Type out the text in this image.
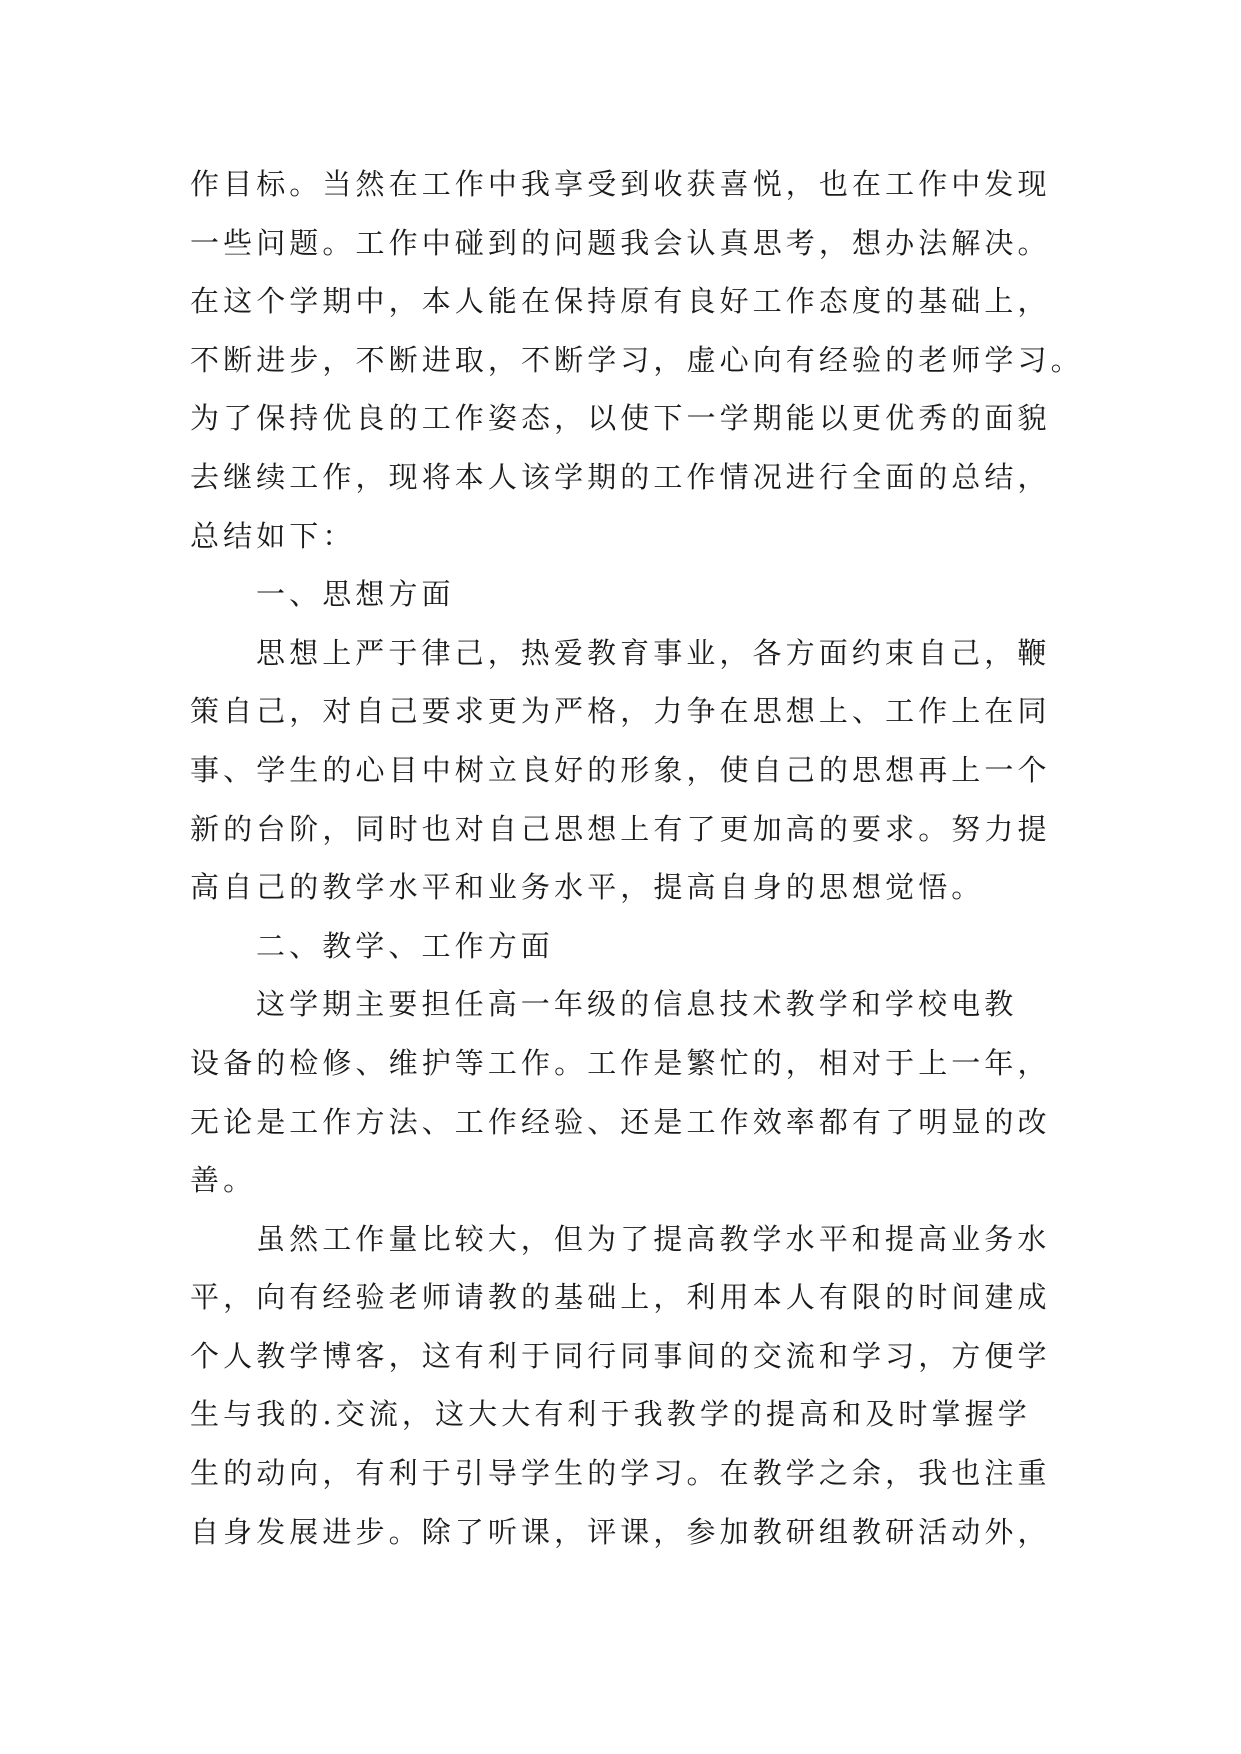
作目标。当然在工作中我享受到收获喜悦，也在工作中发现
一些问题。工作中碰到的问题我会认真思考，想办法解决。
在这个学期中，本人能在保持原有良好工作态度的基础上，
不断进步，不断进取，不断学习，虚心向有经验的老师学习。
为了保持优良的工作姿态，以使下一学期能以更优秀的面貌
去继续工作，现将本人该学期的工作情况进行全面的总结，
总结如下：
一、思想方面
思想上严于律己，热爱教育事业，各方面约束自己，鞭
策自己，对自己要求更为严格，力争在思想上、工作上在同
事、学生的心目中树立良好的形象，使自己的思想再上一个
新的台阶，同时也对自己思想上有了更加高的要求。努力提
高自己的教学水平和业务水平，提高自身的思想觉悟。
二、教学、工作方面
这学期主要担任高一年级的信息技术教学和学校电教
设备的检修、维护等工作。工作是繁忙的，相对于上一年，
无论是工作方法、工作经验、还是工作效率都有了明显的改
善。
虽然工作量比较大，但为了提高教学水平和提高业务水
平，向有经验老师请教的基础上，利用本人有限的时间建成
个人教学博客，这有利于同行同事间的交流和学习，方便学
生与我的.交流，这大大有利于我教学的提高和及时掌握学
生的动向，有利于引导学生的学习。在教学之余，我也注重
自身发展进步。除了听课，评课，参加教研组教研活动外，
